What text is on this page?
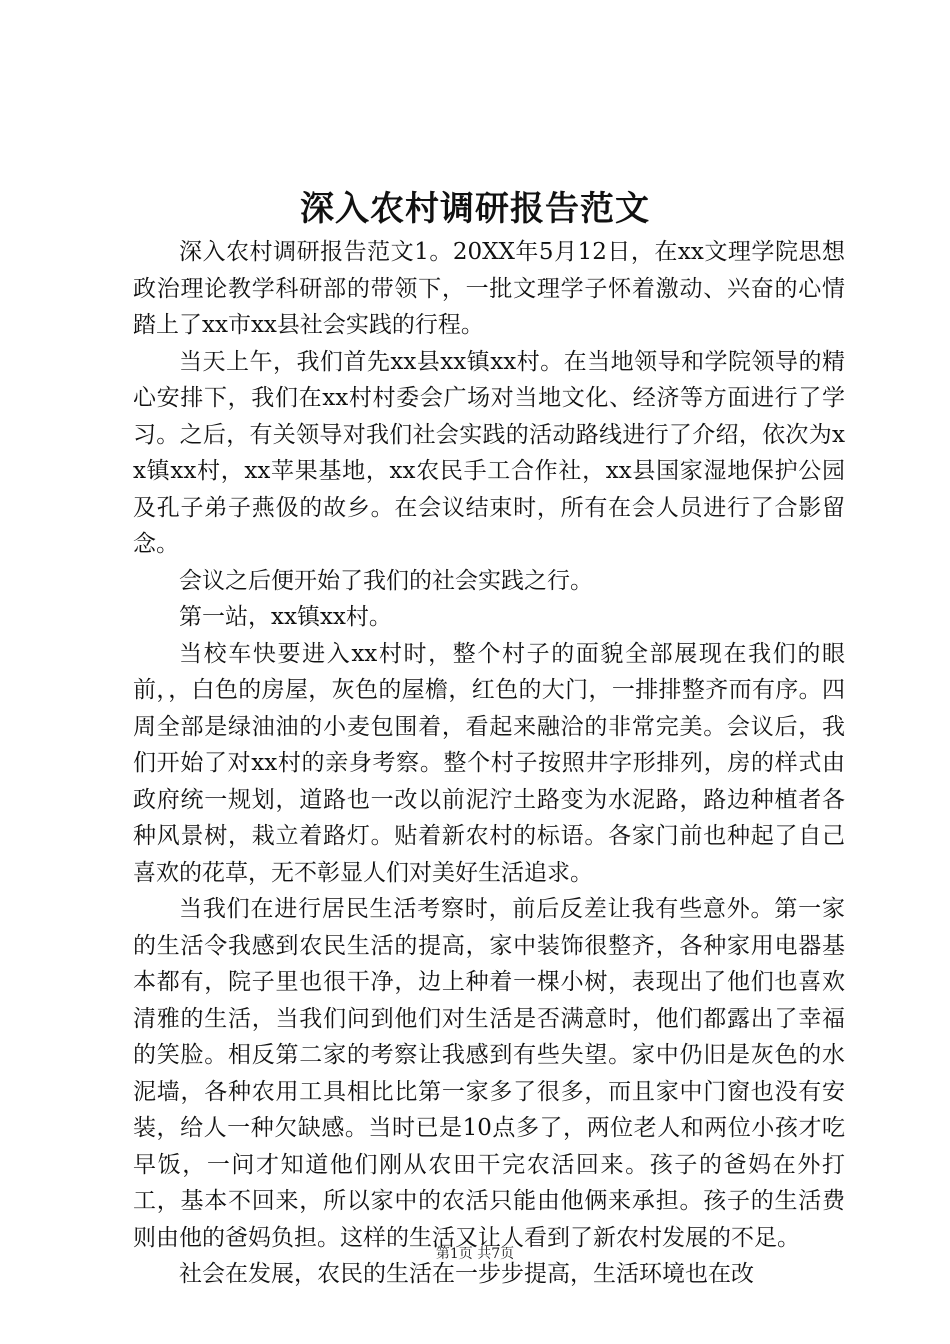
深入农村调研报告范文

深入农村调研报告范文1。20XX年5月12日，在xx文理学院思想政治理论教学科研部的带领下，一批文理学子怀着激动、兴奋的心情踏上了xx市xx县社会实践的行程。

当天上午，我们首先xx县xx镇xx村。在当地领导和学院领导的精心安排下，我们在xx村村委会广场对当地文化、经济等方面进行了学习。之后，有关领导对我们社会实践的活动路线进行了介绍，依次为xx镇xx村，xx苹果基地，xx农民手工合作社，xx县国家湿地保护公园及孔子弟子燕伋的故乡。在会议结束时，所有在会人员进行了合影留念。

会议之后便开始了我们的社会实践之行。

第一站，xx镇xx村。

当校车快要进入xx村时，整个村子的面貌全部展现在我们的眼前，，白色的房屋，灰色的屋檐，红色的大门，一排排整齐而有序。四周全部是绿油油的小麦包围着，看起来融洽的非常完美。会议后，我们开始了对xx村的亲身考察。整个村子按照井字形排列，房的样式由政府统一规划，道路也一改以前泥泞土路变为水泥路，路边种植者各种风景树，栽立着路灯。贴着新农村的标语。各家门前也种起了自己喜欢的花草，无不彰显人们对美好生活追求。

当我们在进行居民生活考察时，前后反差让我有些意外。第一家的生活令我感到农民生活的提高，家中装饰很整齐，各种家用电器基本都有，院子里也很干净，边上种着一棵小树，表现出了他们也喜欢清雅的生活，当我们问到他们对生活是否满意时，他们都露出了幸福的笑脸。相反第二家的考察让我感到有些失望。家中仍旧是灰色的水泥墙，各种农用工具相比比第一家多了很多，而且家中门窗也没有安装，给人一种欠缺感。当时已是10点多了，两位老人和两位小孩才吃早饭，一问才知道他们刚从农田干完农活回来。孩子的爸妈在外打工，基本不回来，所以家中的农活只能由他俩来承担。孩子的生活费则由他的爸妈负担。这样的生活又让人看到了新农村发展的不足。

社会在发展，农民的生活在一步步提高，生活环境也在改

第1页 共7页
